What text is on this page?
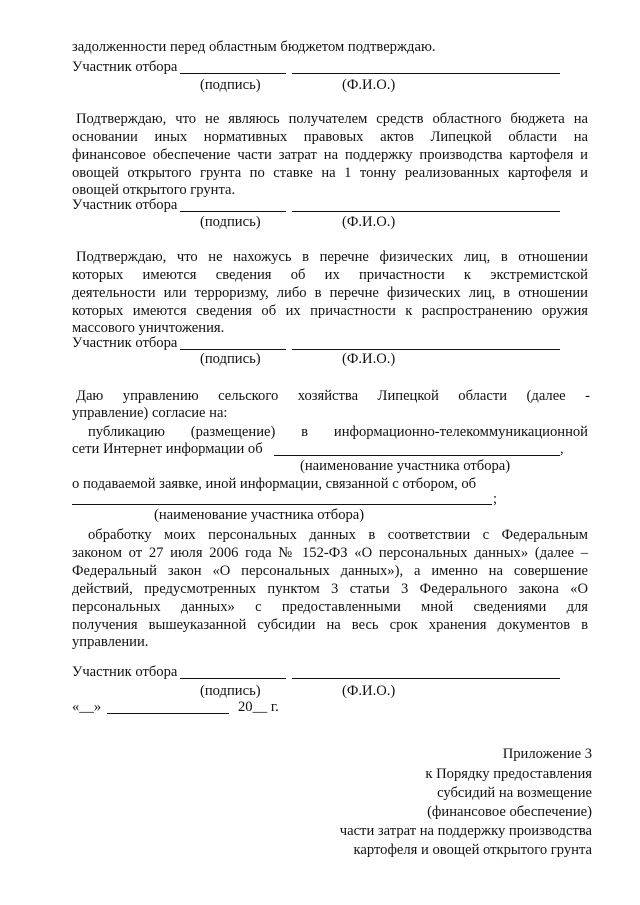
задолженности перед областным бюджетом подтверждаю.
Участник отбора
(подпись)	(Ф.И.О.)
Подтверждаю, что не являюсь получателем средств областного бюджета на
основании иных нормативных правовых актов Липецкой области на
финансовое обеспечение части затрат на поддержку производства картофеля и
овощей открытого грунта по ставке на 1 тонну реализованных картофеля и
овощей открытого грунта.
Участник отбора
(подпись)	(Ф.И.О.)
Подтверждаю, что не нахожусь в перечне физических лиц, в отношении
которых имеются сведения об их причастности к экстремистской
деятельности или терроризму, либо в перечне физических лиц, в отношении
которых имеются сведения об их причастности к распространению оружия
массового уничтожения.
Участник отбора
(подпись)	(Ф.И.О.)
Даю управлению сельского хозяйства Липецкой области (далее -
управление) согласие на:
публикацию (размещение) в информационно-телекоммуникационной
сети Интернет информации об	,
(наименование участника отбора)
о подаваемой заявке, иной информации, связанной с отбором, об
;
(наименование участника отбора)
обработку моих персональных данных в соответствии с Федеральным
законом от 27 июля 2006 года № 152-ФЗ «О персональных данных» (далее –
Федеральный закон «О персональных данных»), а именно на совершение
действий, предусмотренных пунктом 3 статьи 3 Федерального закона «О
персональных данных» с предоставленными мной сведениями для
получения вышеуказанной субсидии на весь срок хранения документов в
управлении.
Участник отбора
(подпись)	(Ф.И.О.)
«__»	20__ г.
Приложение 3
к Порядку предоставления
субсидий на возмещение
(финансовое обеспечение)
части затрат на поддержку производства
картофеля и овощей открытого грунта
